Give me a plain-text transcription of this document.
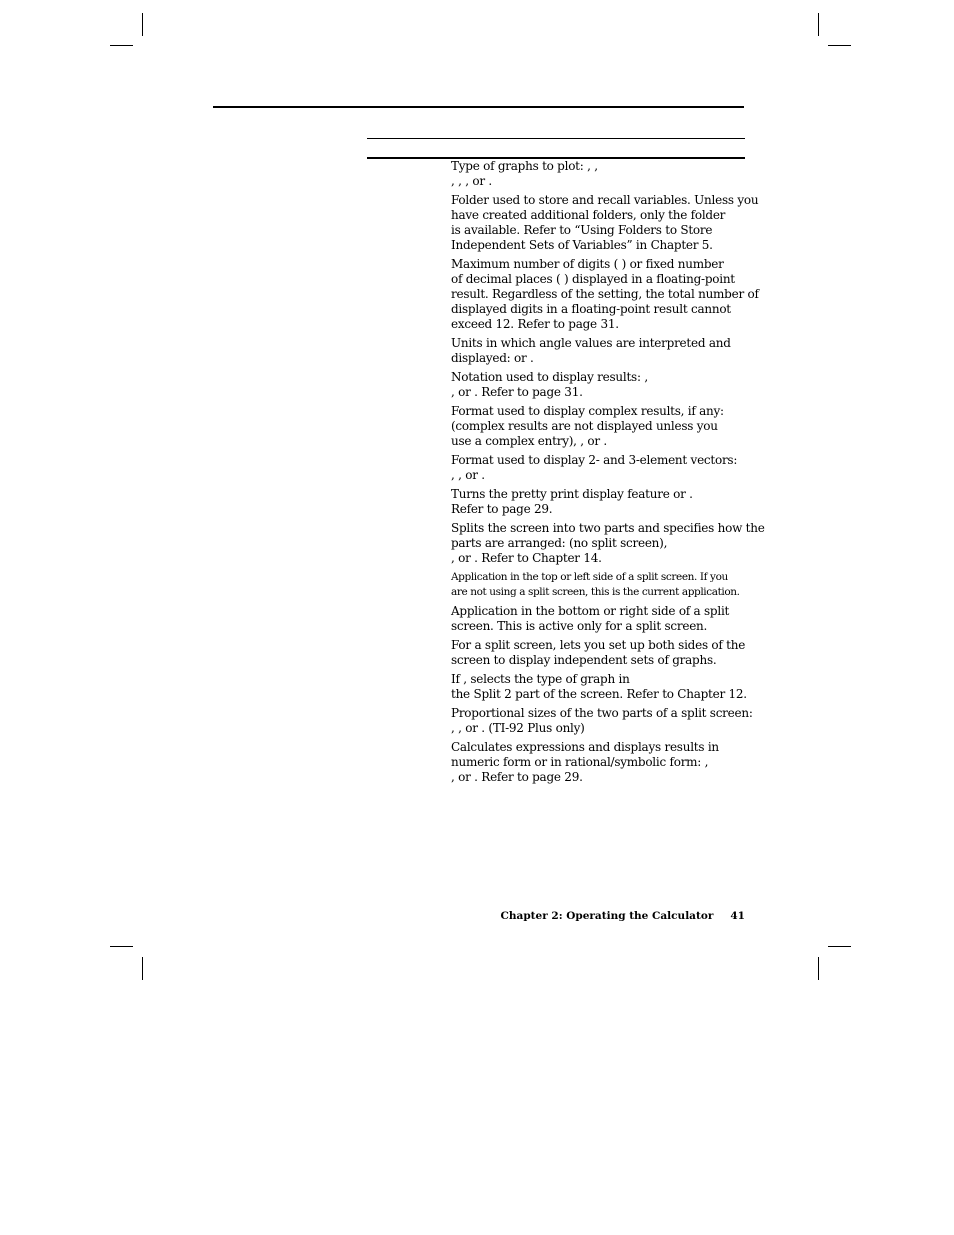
Type of graphs to plot: , ,
, , , or .
Folder used to store and recall variables. Unless you
have created additional folders, only the folder
is available. Refer to “Using Folders to Store
Independent Sets of Variables” in Chapter 5.
Maximum number of digits ( ) or fixed number
of decimal places ( ) displayed in a floating-point
result. Regardless of the setting, the total number of
displayed digits in a floating-point result cannot
exceed 12. Refer to page 31.
Units in which angle values are interpreted and
displayed: or .
Notation used to display results: ,
, or . Refer to page 31.
Format used to display complex results, if any:
(complex results are not displayed unless you
use a complex entry), , or .
Format used to display 2- and 3-element vectors:
, , or .
Turns the pretty print display feature or .
Refer to page 29.
Splits the screen into two parts and specifies how the
parts are arranged: (no split screen),
, or . Refer to Chapter 14.
Application in the top or left side of a split screen. If you
are not using a split screen, this is the current application.
Application in the bottom or right side of a split
screen. This is active only for a split screen.
For a split screen, lets you set up both sides of the
screen to display independent sets of graphs.
If , selects the type of graph in
the Split 2 part of the screen. Refer to Chapter 12.
Proportional sizes of the two parts of a split screen:
, , or . (TI-92 Plus only)
Calculates expressions and displays results in
numeric form or in rational/symbolic form: ,
, or . Refer to page 29.
Chapter 2: Operating the Calculator 41
